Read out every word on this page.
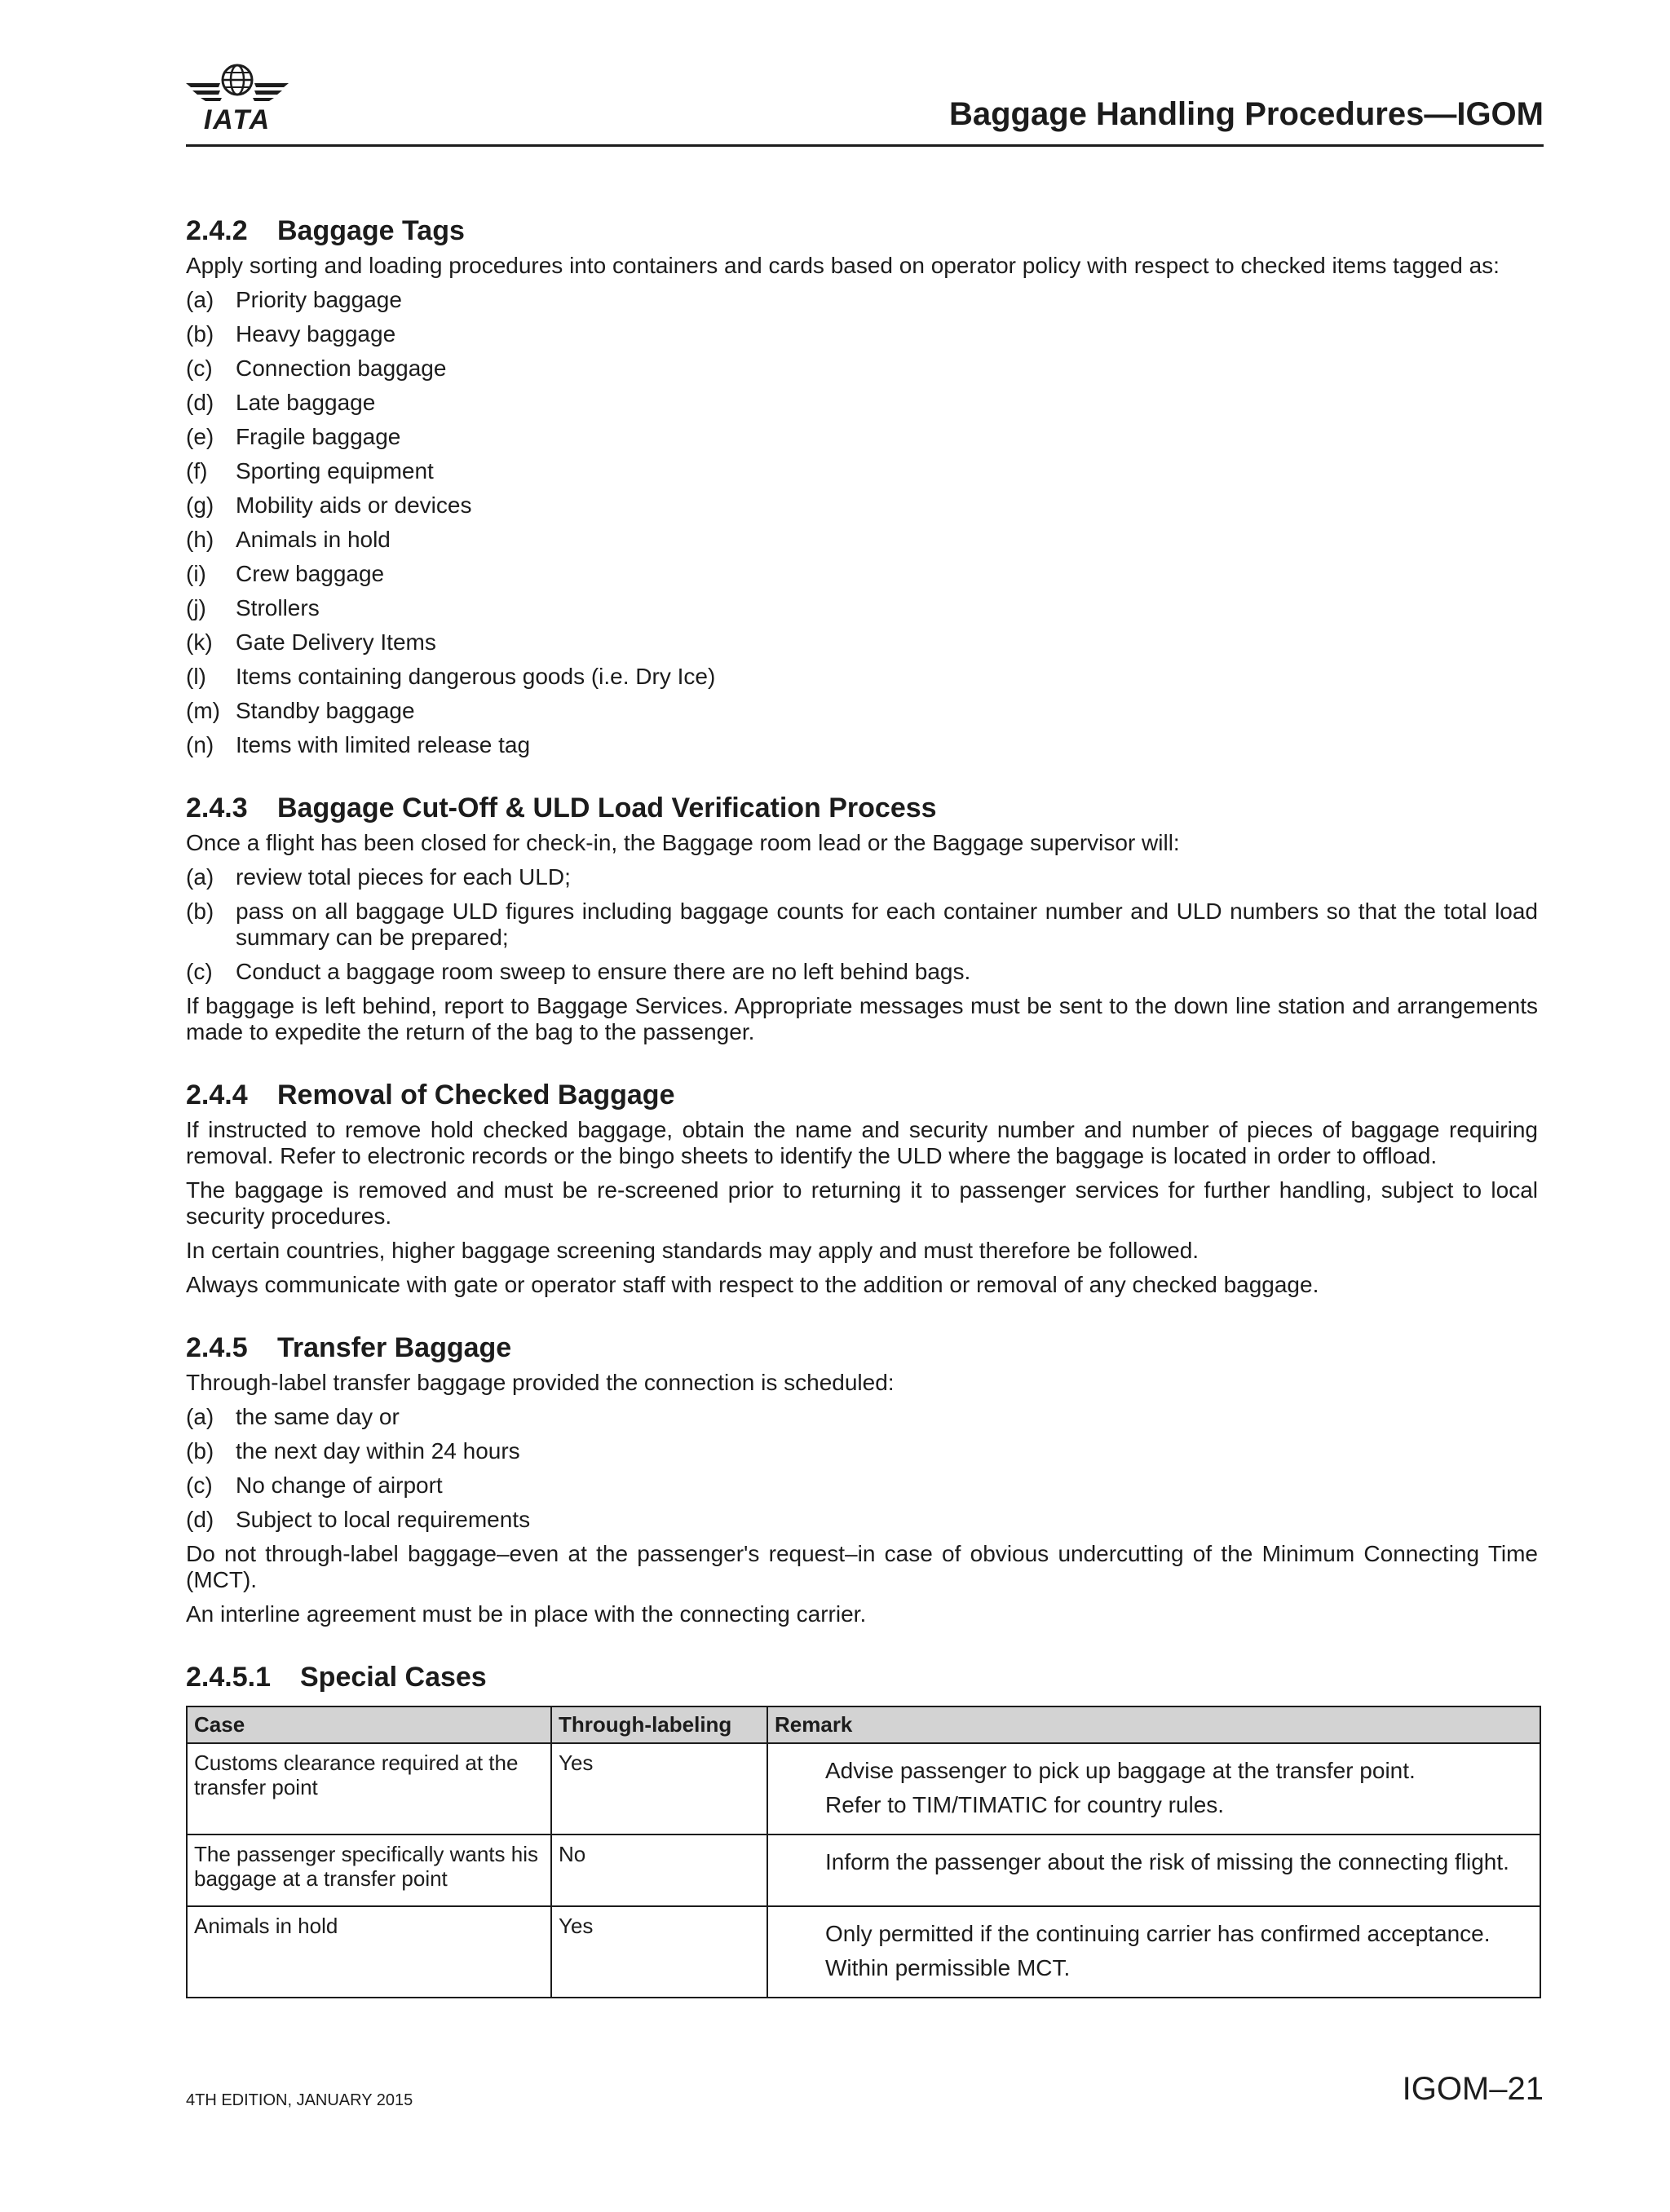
IATA	Baggage Handling Procedures—IGOM
2.4.2	Baggage Tags

Apply sorting and loading procedures into containers and cards based on operator policy with respect to checked items tagged as:

(a) Priority baggage
(b) Heavy baggage
(c)	Connection baggage
(d) Late baggage
(e) Fragile baggage
(f)	Sporting equipment
(g) Mobility aids or devices
(h) Animals in hold
(i)	Crew baggage
(j)	Strollers
(k)	Gate Delivery Items
(l)	Items containing dangerous goods (i.e. Dry Ice)
(m) Standby baggage
(n) Items with limited release tag
2.4.3	Baggage Cut-Off & ULD Load Verification Process

Once a flight has been closed for check-in, the Baggage room lead or the Baggage supervisor will:

(a) review total pieces for each ULD;
(b) pass on all baggage ULD figures including baggage counts for each container number and ULD numbers so that the total load summary can be prepared;
(c)	Conduct a baggage room sweep to ensure there are no left behind bags.

If baggage is left behind, report to Baggage Services. Appropriate messages must be sent to the down line station and arrangements made to expedite the return of the bag to the passenger.

2.4.4	Removal of Checked Baggage

If instructed to remove hold checked baggage, obtain the name and security number and number of pieces of baggage requiring removal. Refer to electronic records or the bingo sheets to identify the ULD where the baggage is located in order to offload.

The baggage is removed and must be re-screened prior to returning it to passenger services for further handling, subject to local security procedures.

In certain countries, higher baggage screening standards may apply and must therefore be followed.

Always communicate with gate or operator staff with respect to the addition or removal of any checked baggage.

2.4.5	Transfer Baggage

Through-label transfer baggage provided the connection is scheduled:

(a) the same day or
(b) the next day within 24 hours
(c)	No change of airport
(d) Subject to local requirements

Do not through-label baggage–even at the passenger's request–in case of obvious undercutting of the Minimum Connecting Time (MCT).

An interline agreement must be in place with the connecting carrier.

2.4.5.1	Special Cases
Case	Through-labeling	Remark
Customs clearance required at the transfer point	Yes	Advise passenger to pick up baggage at the transfer point.
Refer to TIM/TIMATIC for country rules.

The passenger specifically wants his baggage at a transfer point	No	Inform the passenger about the risk of missing the connecting flight.

Animals in hold	Yes	Only permitted if the continuing carrier has confirmed acceptance.
Within permissible MCT.
4TH EDITION, JANUARY 2015	IGOM–21
